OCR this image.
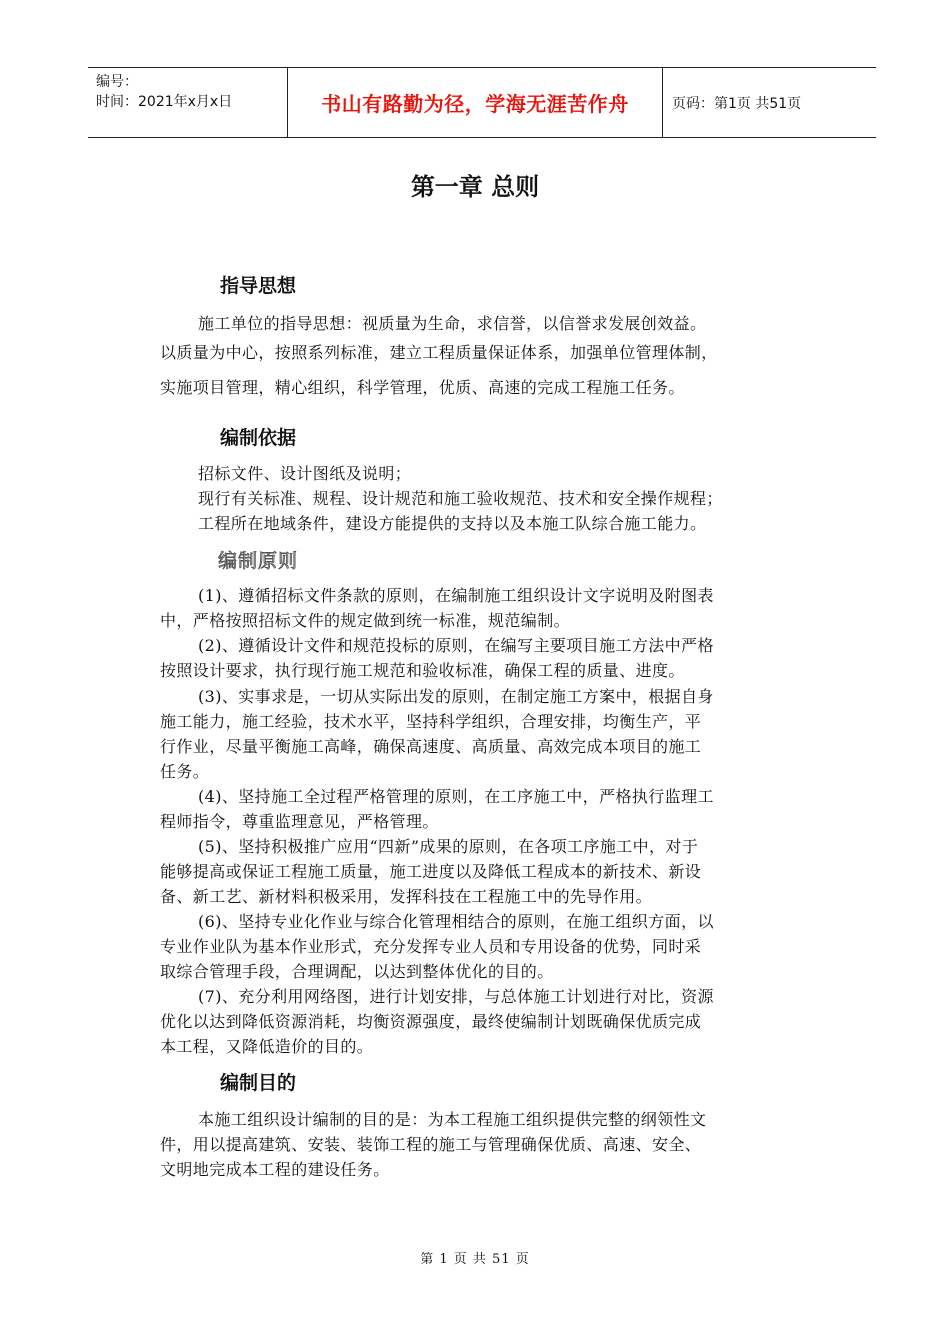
编号：
时间：2021年x月x日	书山有路勤为径，学海无涯苦作舟	页码：第1页 共51页
第一章 总则
指导思想
施工单位的指导思想：视质量为生命，求信誉，以信誉求发展创效益。
以质量为中心，按照系列标准，建立工程质量保证体系，加强单位管理体制，
实施项目管理，精心组织，科学管理，优质、高速的完成工程施工任务。
编制依据
招标文件、设计图纸及说明；
现行有关标准、规程、设计规范和施工验收规范、技术和安全操作规程；
工程所在地域条件，建设方能提供的支持以及本施工队综合施工能力。
编制原则
(1)、遵循招标文件条款的原则，在编制施工组织设计文字说明及附图表
中，严格按照招标文件的规定做到统一标准，规范编制。
(2)、遵循设计文件和规范投标的原则，在编写主要项目施工方法中严格
按照设计要求，执行现行施工规范和验收标准，确保工程的质量、进度。
(3)、实事求是，一切从实际出发的原则，在制定施工方案中，根据自身
施工能力，施工经验，技术水平，坚持科学组织，合理安排，均衡生产，平
行作业，尽量平衡施工高峰，确保高速度、高质量、高效完成本项目的施工
任务。
(4)、坚持施工全过程严格管理的原则，在工序施工中，严格执行监理工
程师指令，尊重监理意见，严格管理。
(5)、坚持积极推广应用“四新”成果的原则，在各项工序施工中，对于
能够提高或保证工程施工质量，施工进度以及降低工程成本的新技术、新设
备、新工艺、新材料积极采用，发挥科技在工程施工中的先导作用。
(6)、坚持专业化作业与综合化管理相结合的原则，在施工组织方面，以
专业作业队为基本作业形式，充分发挥专业人员和专用设备的优势，同时采
取综合管理手段，合理调配，以达到整体优化的目的。
(7)、充分利用网络图，进行计划安排，与总体施工计划进行对比，资源
优化以达到降低资源消耗，均衡资源强度，最终使编制计划既确保优质完成
本工程，又降低造价的目的。
编制目的
本施工组织设计编制的目的是：为本工程施工组织提供完整的纲领性文
件，用以提高建筑、安装、装饰工程的施工与管理确保优质、高速、安全、
文明地完成本工程的建设任务。
第 1 页 共 51 页
